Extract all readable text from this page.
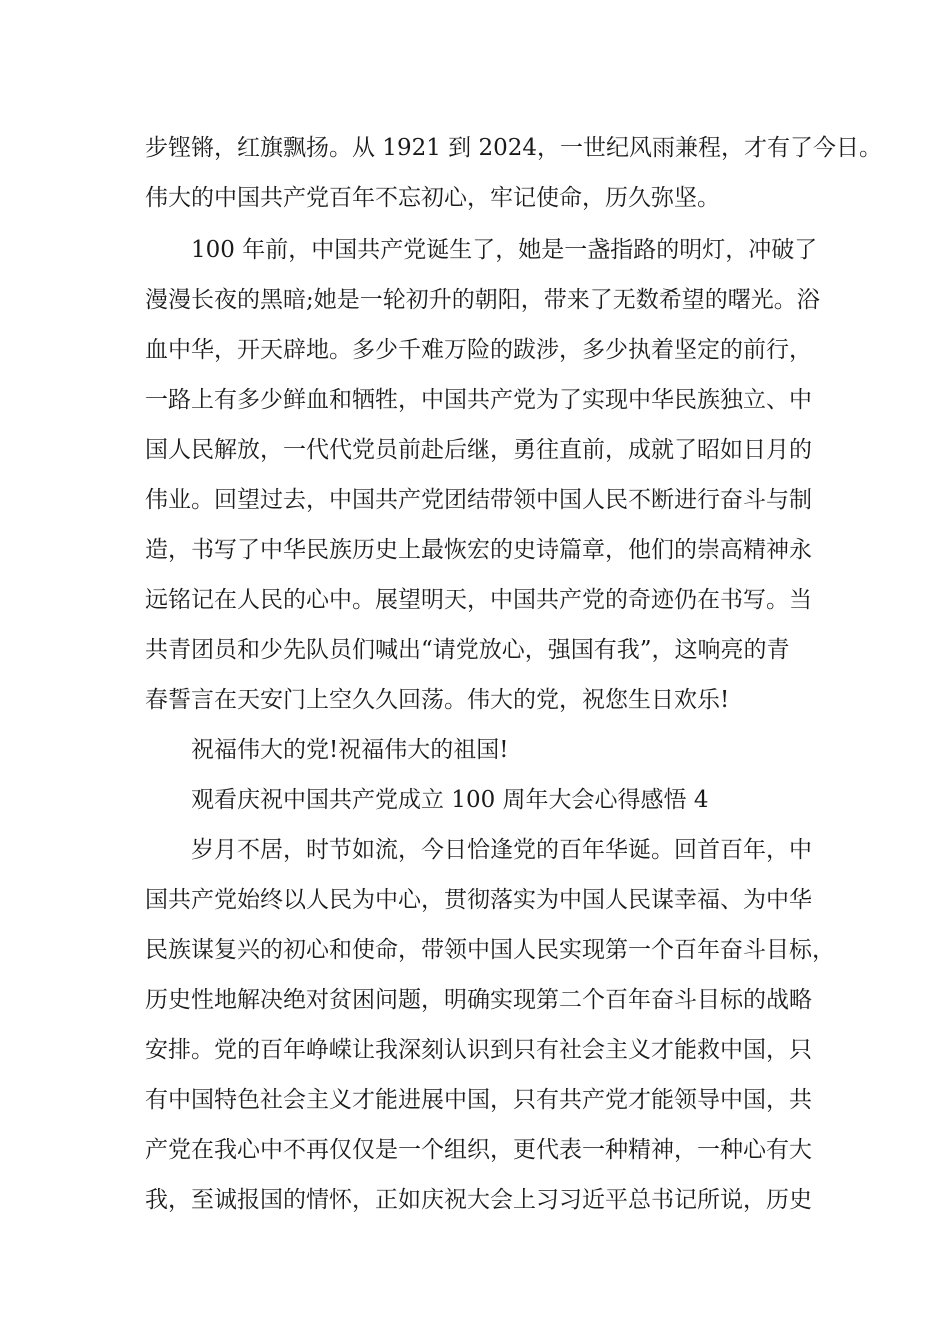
步铿锵，红旗飘扬。从 1921 到 2024，一世纪风雨兼程，才有了今日。
伟大的中国共产党百年不忘初心，牢记使命，历久弥坚。
100 年前，中国共产党诞生了，她是一盏指路的明灯，冲破了
漫漫长夜的黑暗;她是一轮初升的朝阳，带来了无数希望的曙光。浴
血中华，开天辟地。多少千难万险的跋涉，多少执着坚定的前行，
一路上有多少鲜血和牺牲，中国共产党为了实现中华民族独立、中
国人民解放，一代代党员前赴后继，勇往直前，成就了昭如日月的
伟业。回望过去，中国共产党团结带领中国人民不断进行奋斗与制
造，书写了中华民族历史上最恢宏的史诗篇章，他们的崇高精神永
远铭记在人民的心中。展望明天，中国共产党的奇迹仍在书写。当
共青团员和少先队员们喊出“请党放心，强国有我”，这响亮的青
春誓言在天安门上空久久回荡。伟大的党，祝您生日欢乐!
祝福伟大的党!祝福伟大的祖国!
观看庆祝中国共产党成立 100 周年大会心得感悟 4
岁月不居，时节如流，今日恰逢党的百年华诞。回首百年，中
国共产党始终以人民为中心，贯彻落实为中国人民谋幸福、为中华
民族谋复兴的初心和使命，带领中国人民实现第一个百年奋斗目标，
历史性地解决绝对贫困问题，明确实现第二个百年奋斗目标的战略
安排。党的百年峥嵘让我深刻认识到只有社会主义才能救中国，只
有中国特色社会主义才能进展中国，只有共产党才能领导中国，共
产党在我心中不再仅仅是一个组织，更代表一种精神，一种心有大
我，至诚报国的情怀，正如庆祝大会上习习近平总书记所说，历史
